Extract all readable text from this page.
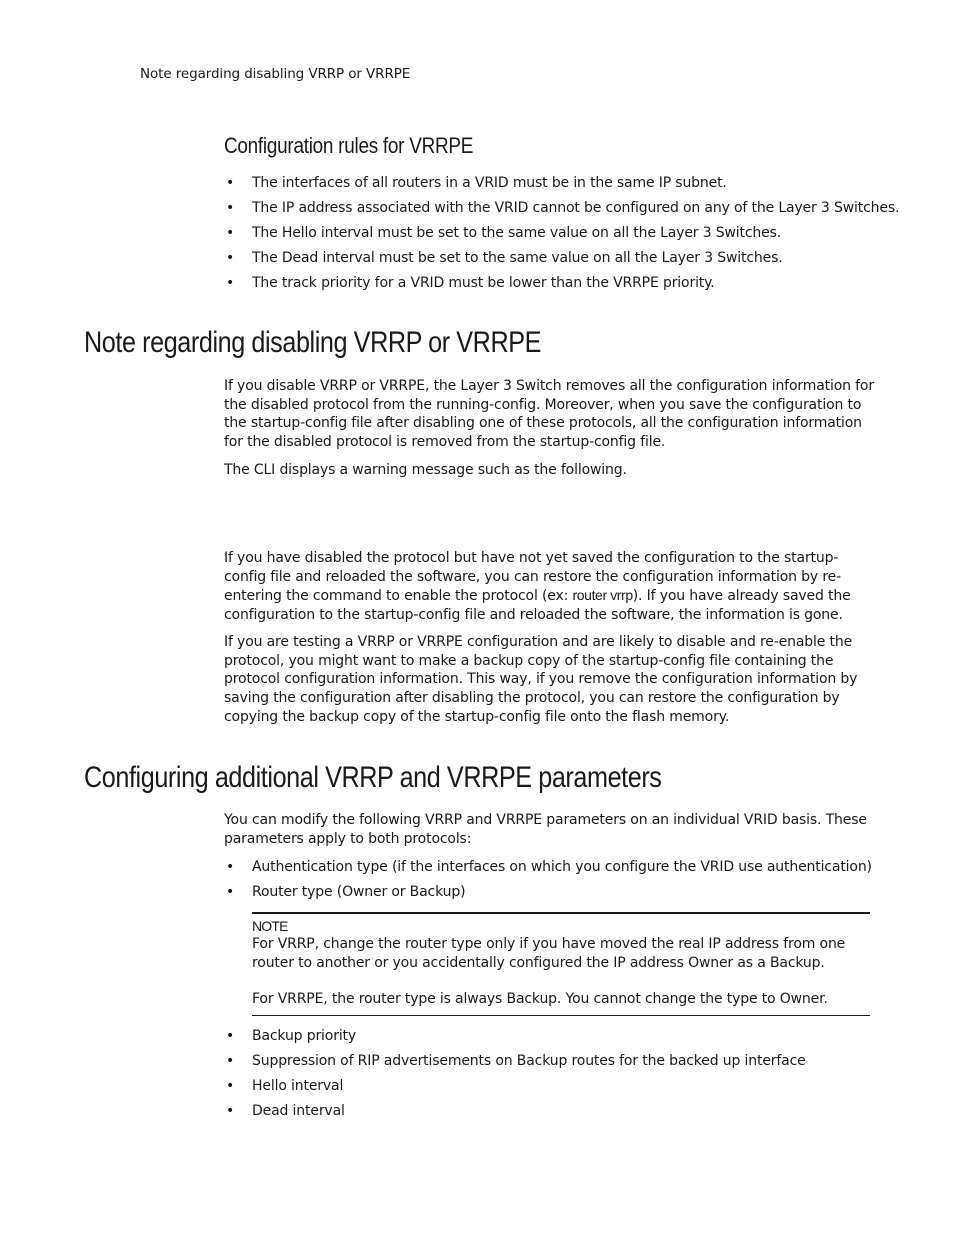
Note regarding disabling VRRP or VRRPE
Configuration rules for VRRPE
• The interfaces of all routers in a VRID must be in the same IP subnet.
• The IP address associated with the VRID cannot be configured on any of the Layer 3 Switches.
• The Hello interval must be set to the same value on all the Layer 3 Switches.
• The Dead interval must be set to the same value on all the Layer 3 Switches.
• The track priority for a VRID must be lower than the VRRPE priority.
Note regarding disabling VRRP or VRRPE

If you disable VRRP or VRRPE, the Layer 3 Switch removes all the configuration information for the disabled protocol from the running-config. Moreover, when you save the configuration to the startup-config file after disabling one of these protocols, all the configuration information for the disabled protocol is removed from the startup-config file.

The CLI displays a warning message such as the following.

If you have disabled the protocol but have not yet saved the configuration to the startup-config file and reloaded the software, you can restore the configuration information by re-entering the command to enable the protocol (ex: router vrrp). If you have already saved the configuration to the startup-config file and reloaded the software, the information is gone.

If you are testing a VRRP or VRRPE configuration and are likely to disable and re-enable the protocol, you might want to make a backup copy of the startup-config file containing the protocol configuration information. This way, if you remove the configuration information by saving the configuration after disabling the protocol, you can restore the configuration by copying the backup copy of the startup-config file onto the flash memory.

Configuring additional VRRP and VRRPE parameters

You can modify the following VRRP and VRRPE parameters on an individual VRID basis. These parameters apply to both protocols:

• Authentication type (if the interfaces on which you configure the VRID use authentication)
• Router type (Owner or Backup)
NOTE

For VRRP, change the router type only if you have moved the real IP address from one router to another or you accidentally configured the IP address Owner as a Backup.

For VRRPE, the router type is always Backup. You cannot change the type to Owner.

• Backup priority
• Suppression of RIP advertisements on Backup routes for the backed up interface
• Hello interval
• Dead interval
